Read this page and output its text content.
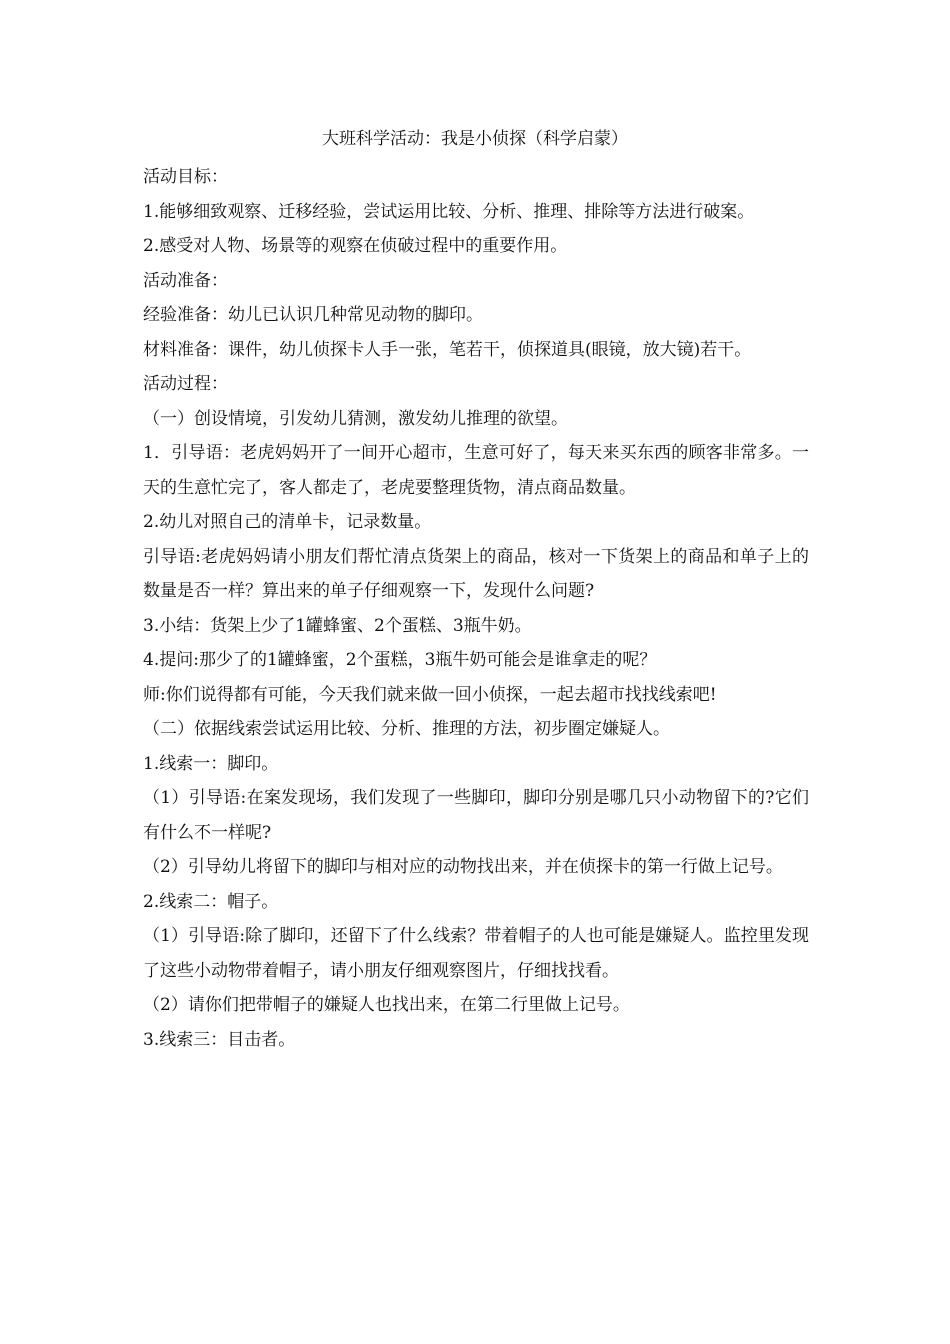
大班科学活动：我是小侦探（科学启蒙）

活动目标：

1.能够细致观察、迁移经验，尝试运用比较、分析、推理、排除等方法进行破案。

2.感受对人物、场景等的观察在侦破过程中的重要作用。

活动准备：

经验准备：幼儿已认识几种常见动物的脚印。

材料准备：课件，幼儿侦探卡人手一张，笔若干，侦探道具(眼镜，放大镜)若干。

活动过程：

（一）创设情境，引发幼儿猜测，激发幼儿推理的欲望。

1．引导语：老虎妈妈开了一间开心超市，生意可好了，每天来买东西的顾客非常多。一天的生意忙完了，客人都走了，老虎要整理货物，清点商品数量。

2.幼儿对照自己的清单卡，记录数量。

引导语:老虎妈妈请小朋友们帮忙清点货架上的商品，核对一下货架上的商品和单子上的数量是否一样？算出来的单子仔细观察一下，发现什么问题?

3.小结：货架上少了1罐蜂蜜、2个蛋糕、3瓶牛奶。

4.提问:那少了的1罐蜂蜜，2个蛋糕，3瓶牛奶可能会是谁拿走的呢？

师:你们说得都有可能，今天我们就来做一回小侦探，一起去超市找找线索吧!

（二）依据线索尝试运用比较、分析、推理的方法，初步圈定嫌疑人。

1.线索一：脚印。

（1）引导语:在案发现场，我们发现了一些脚印，脚印分别是哪几只小动物留下的?它们有什么不一样呢?

（2）引导幼儿将留下的脚印与相对应的动物找出来，并在侦探卡的第一行做上记号。

2.线索二：帽子。

（1）引导语:除了脚印，还留下了什么线索？带着帽子的人也可能是嫌疑人。监控里发现了这些小动物带着帽子，请小朋友仔细观察图片，仔细找找看。

（2）请你们把带帽子的嫌疑人也找出来，在第二行里做上记号。

3.线索三：目击者。
